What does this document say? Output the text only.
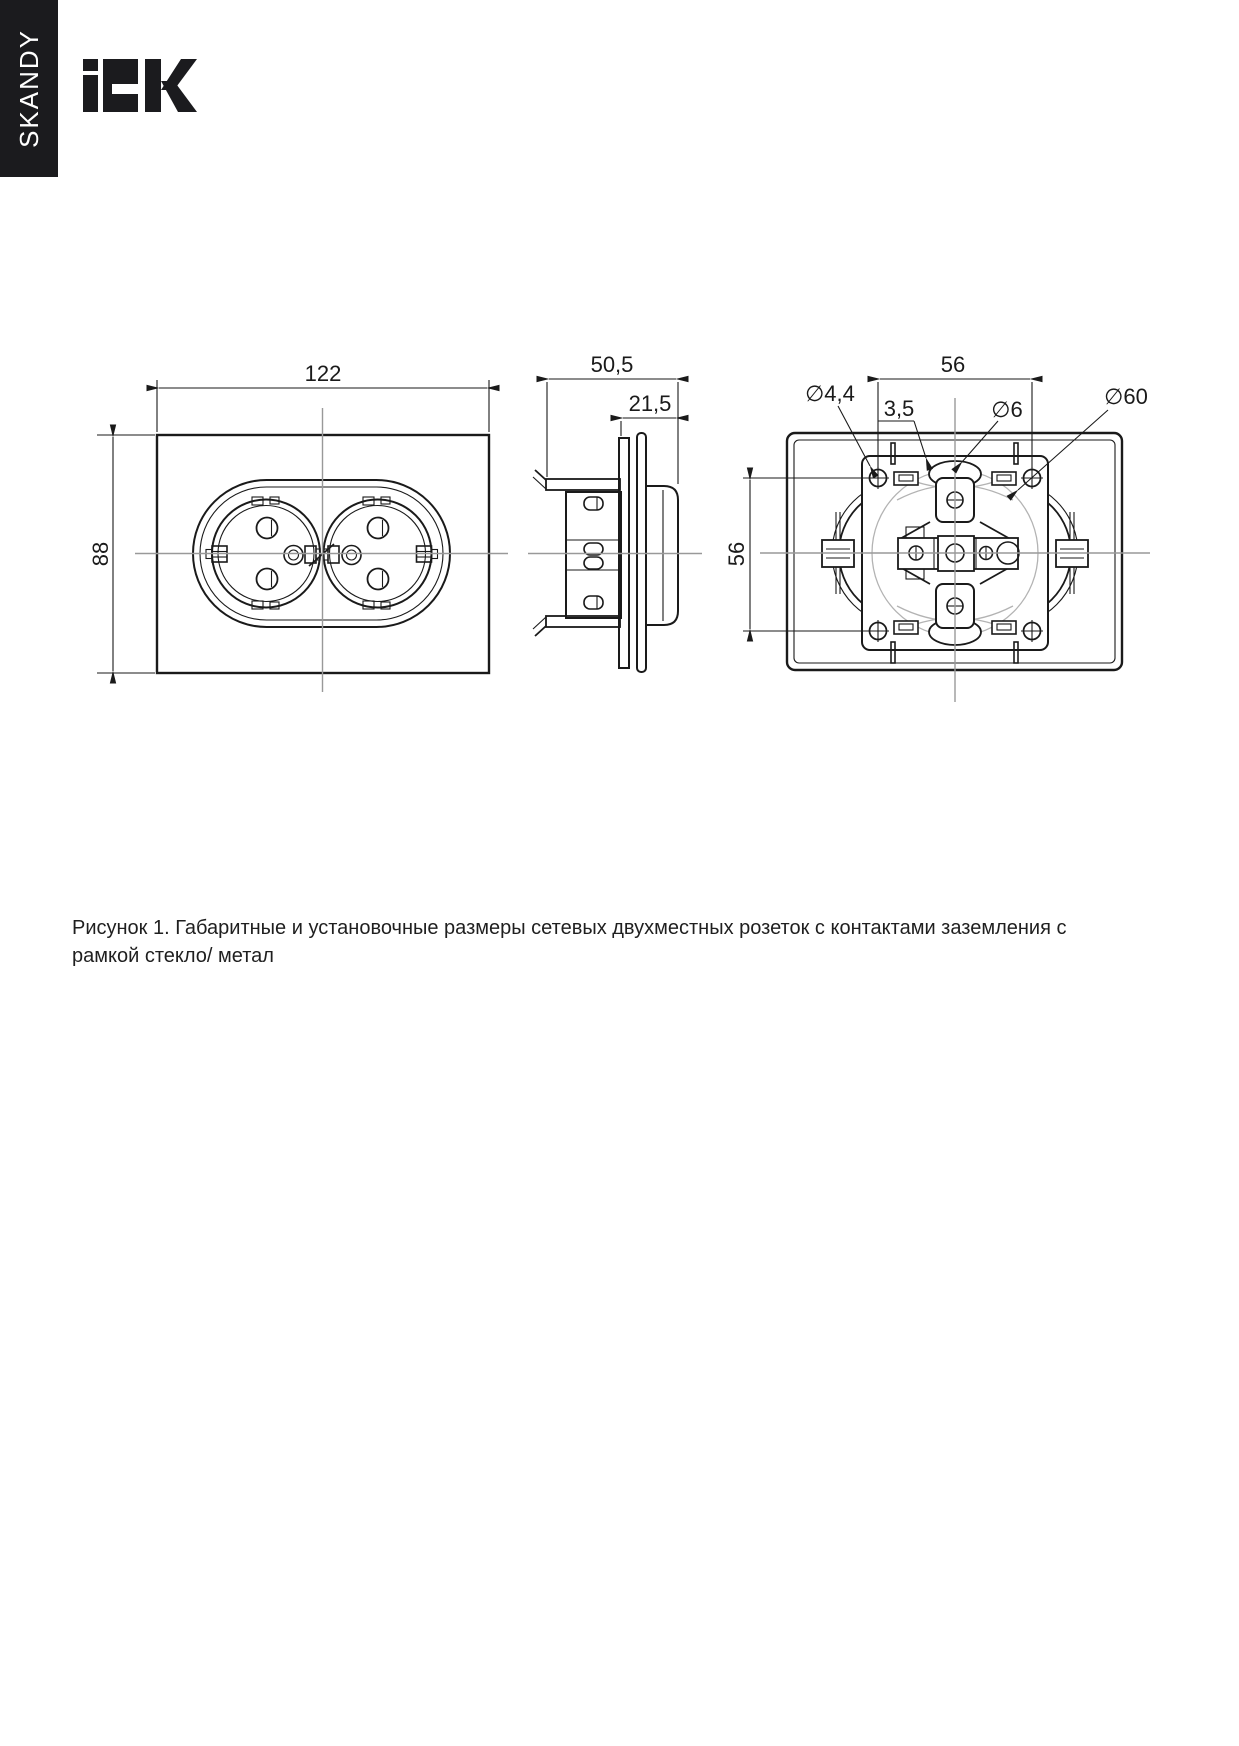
SKANDY
122
88
50,5
21,5
56
56
∅4,4
3,5	∅6
∅60
Рисунок 1. Габаритные и установочные размеры сетевых двухместных розеток с контактами заземления с
рамкой стекло/ метал
